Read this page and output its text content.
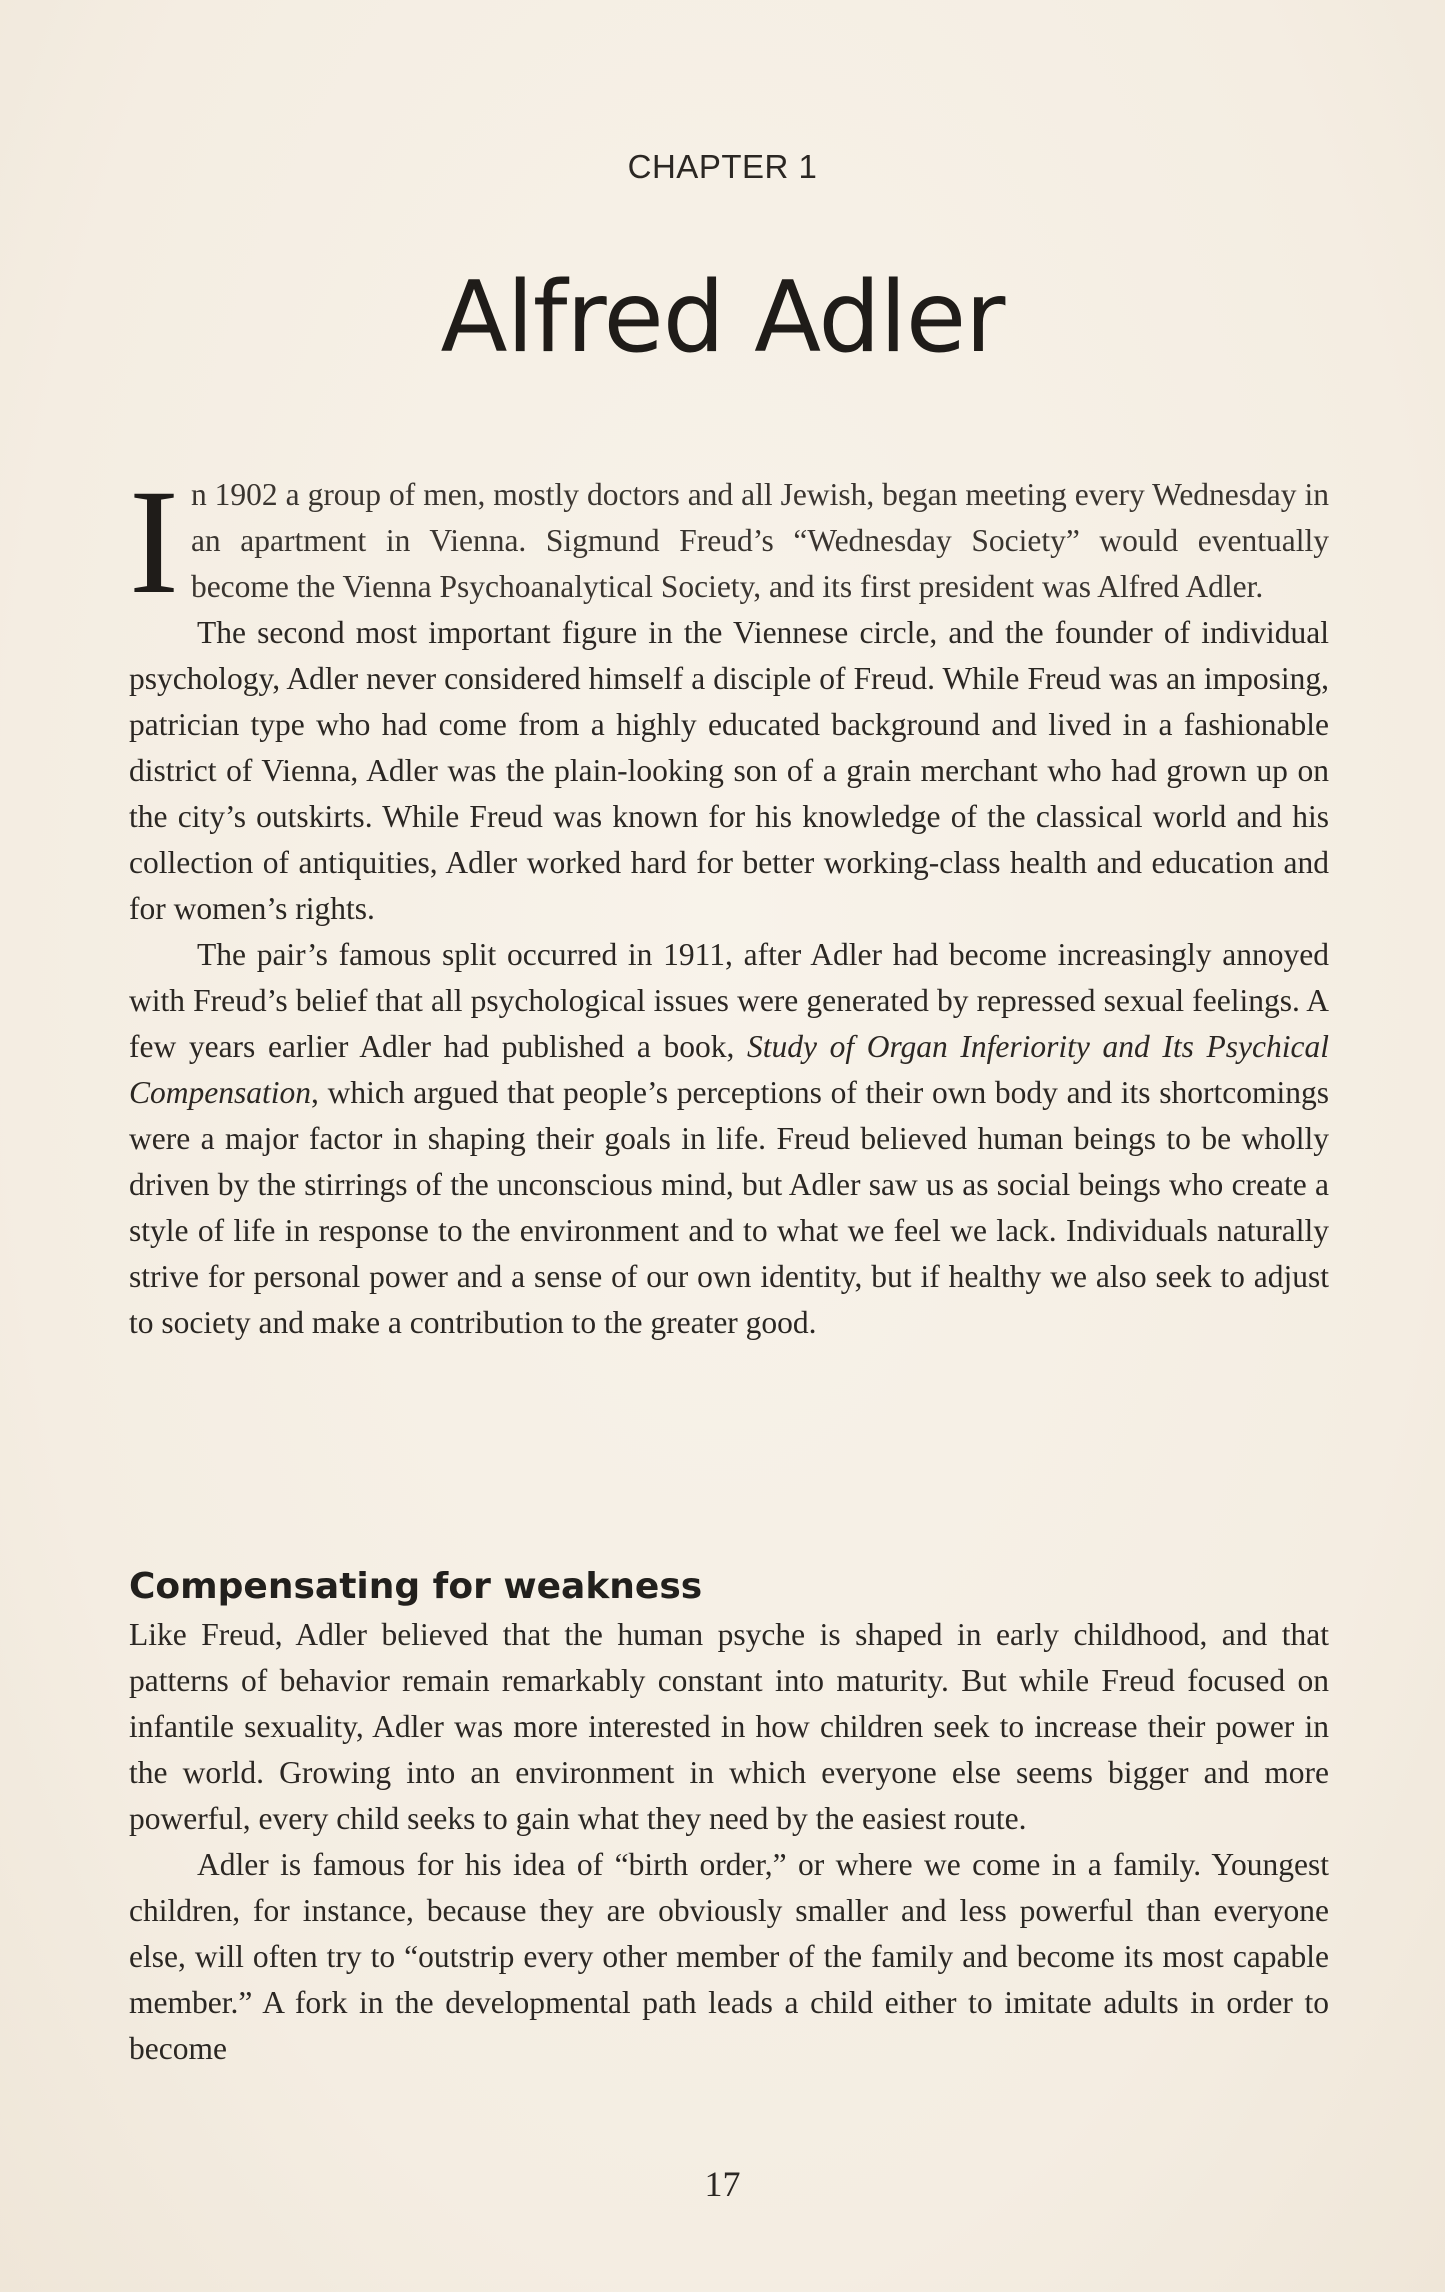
CHAPTER 1
Alfred Adler

In 1902 a group of men, mostly doctors and all Jewish, began meeting every Wednesday in an apartment in Vienna. Sigmund Freud’s “Wednesday Society” would eventually become the Vienna Psychoanalytical Society, and its first president was Alfred Adler.

The second most important figure in the Viennese circle, and the founder of individual psychology, Adler never considered himself a disciple of Freud. While Freud was an imposing, patrician type who had come from a highly educated background and lived in a fashionable district of Vienna, Adler was the plain-looking son of a grain merchant who had grown up on the city’s outskirts. While Freud was known for his knowledge of the classical world and his collection of antiquities, Adler worked hard for better working-class health and education and for women’s rights.

The pair’s famous split occurred in 1911, after Adler had become increasingly annoyed with Freud’s belief that all psychological issues were generated by repressed sexual feelings. A few years earlier Adler had published a book, Study of Organ Inferiority and Its Psychical Compensation, which argued that people’s perceptions of their own body and its shortcomings were a major factor in shaping their goals in life. Freud believed human beings to be wholly driven by the stirrings of the unconscious mind, but Adler saw us as social beings who create a style of life in response to the environment and to what we feel we lack. Individuals naturally strive for personal power and a sense of our own identity, but if healthy we also seek to adjust to society and make a contribution to the greater good.

Compensating for weakness

Like Freud, Adler believed that the human psyche is shaped in early childhood, and that patterns of behavior remain remarkably constant into maturity. But while Freud focused on infantile sexuality, Adler was more interested in how children seek to increase their power in the world. Growing into an environment in which everyone else seems bigger and more powerful, every child seeks to gain what they need by the easiest route.

Adler is famous for his idea of “birth order,” or where we come in a family. Youngest children, for instance, because they are obviously smaller and less powerful than everyone else, will often try to “outstrip every other member of the family and become its most capable member.” A fork in the developmental path leads a child either to imitate adults in order to become

17
